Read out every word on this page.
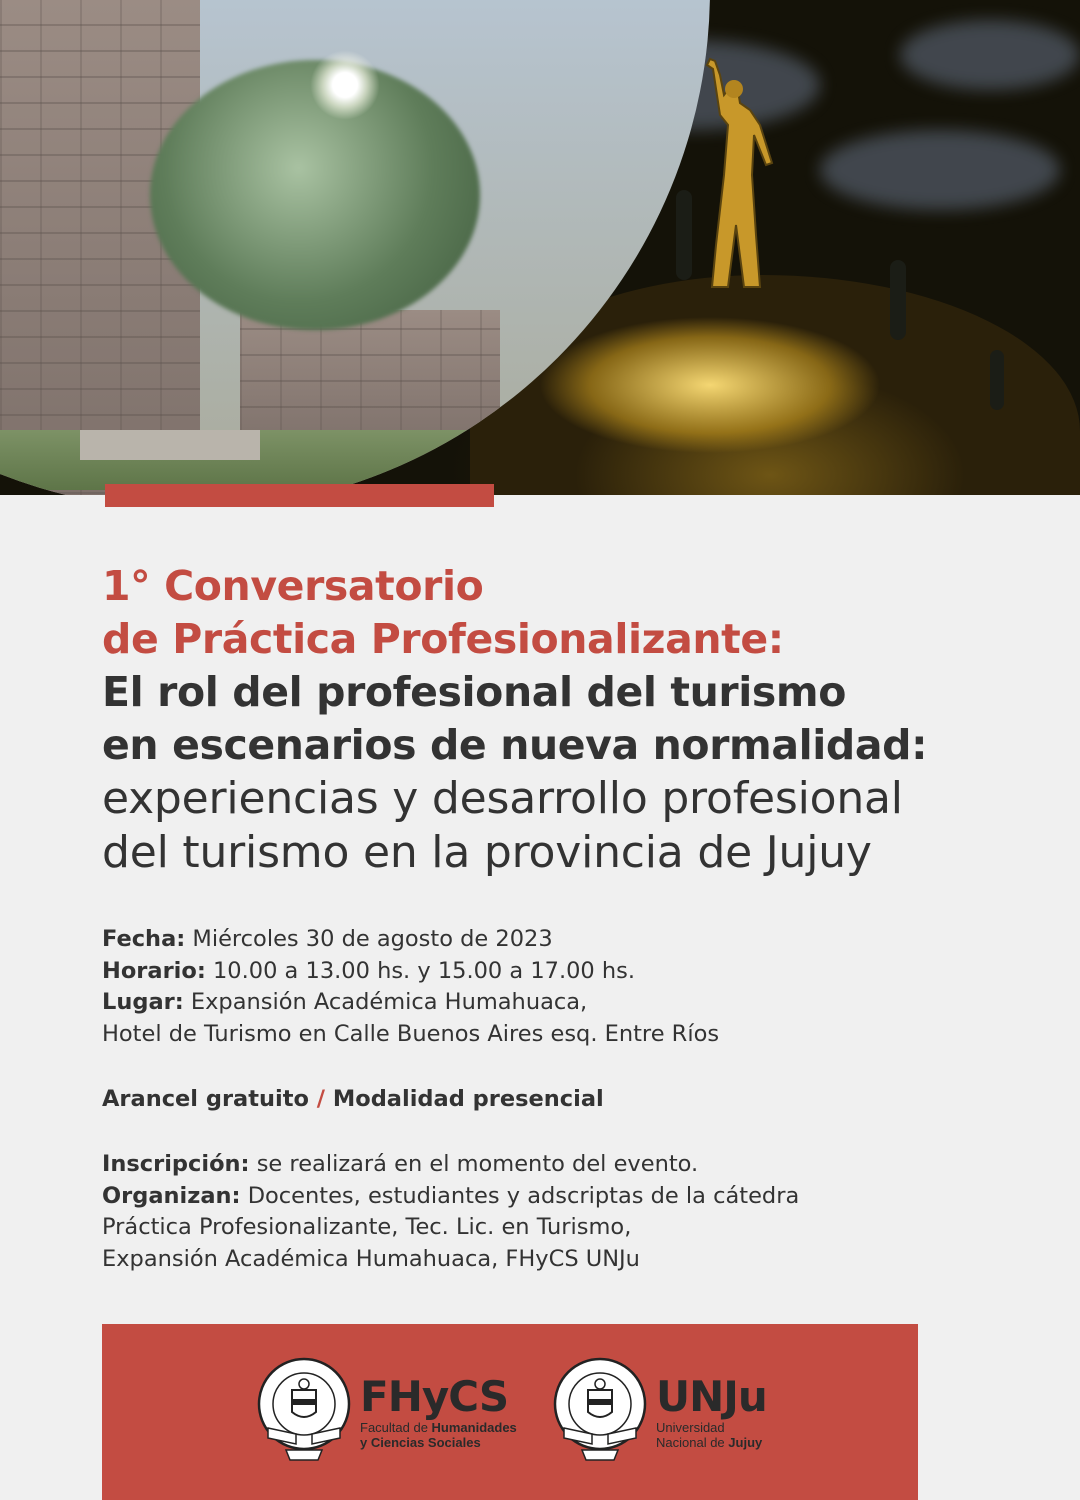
1° Conversatorio
de Práctica Profesionalizante:
El rol del profesional del turismo
en escenarios de nueva normalidad:
experiencias y desarrollo profesional
del turismo en la provincia de Jujuy
Fecha: Miércoles 30 de agosto de 2023
Horario: 10.00 a 13.00 hs. y 15.00 a 17.00 hs.
Lugar: Expansión Académica Humahuaca,
Hotel de Turismo en Calle Buenos Aires esq. Entre Ríos
Arancel gratuito / Modalidad presencial
Inscripción: se realizará en el momento del evento.
Organizan: Docentes, estudiantes y adscriptas de la cátedra
Práctica Profesionalizante, Tec. Lic. en Turismo,
Expansión Académica Humahuaca, FHyCS UNJu
FHyCS
Facultad de Humanidades
y Ciencias Sociales
UNJu
Universidad
Nacional de Jujuy
